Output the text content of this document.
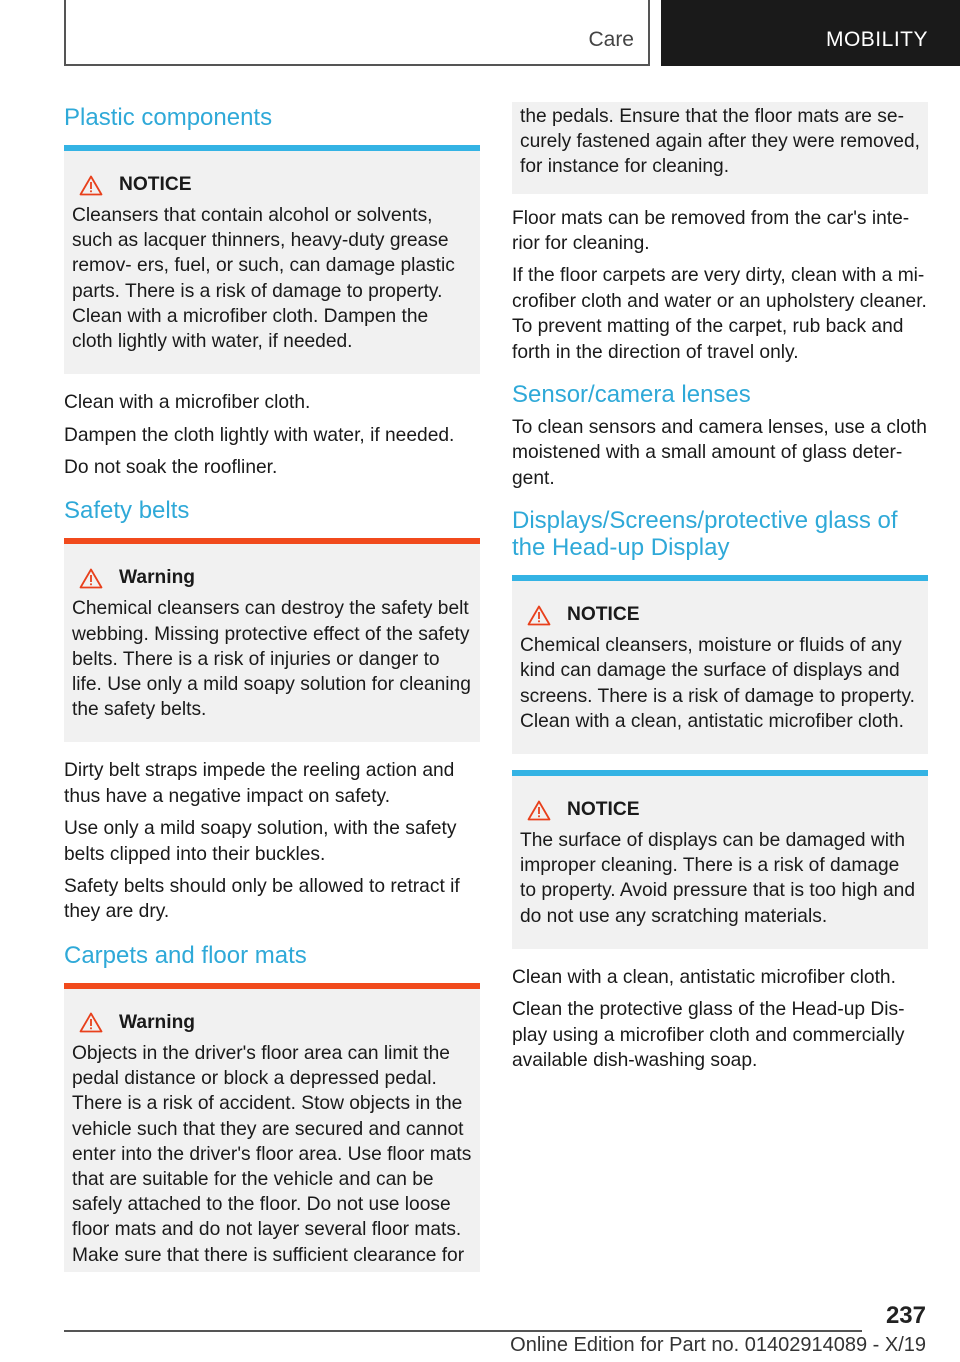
Care	MOBILITY
Plastic components
NOTICE
Cleansers that contain alcohol or solvents, such as lacquer thinners, heavy-duty grease remov- ers, fuel, or such, can damage plastic parts. There is a risk of damage to property. Clean with a microfiber cloth. Dampen the cloth lightly with water, if needed.

Clean with a microfiber cloth.

Dampen the cloth lightly with water, if needed.

Do not soak the roofliner.

Safety belts
Warning
Chemical cleansers can destroy the safety belt webbing. Missing protective effect of the safety belts. There is a risk of injuries or danger to life. Use only a mild soapy solution for cleaning the safety belts.

Dirty belt straps impede the reeling action and thus have a negative impact on safety.

Use only a mild soapy solution, with the safety belts clipped into their buckles.

Safety belts should only be allowed to retract if they are dry.

Carpets and floor mats
Warning
Objects in the driver's floor area can limit the pedal distance or block a depressed pedal. There is a risk of accident. Stow objects in the vehicle such that they are secured and cannot enter into the driver's floor area. Use floor mats that are suitable for the vehicle and can be safely attached to the floor. Do not use loose floor mats and do not layer several floor mats. Make sure that there is sufficient clearance for
the pedals. Ensure that the floor mats are se- curely fastened again after they were removed, for instance for cleaning.

Floor mats can be removed from the car's inte- rior for cleaning.

If the floor carpets are very dirty, clean with a mi- crofiber cloth and water or an upholstery cleaner. To prevent matting of the carpet, rub back and forth in the direction of travel only.

Sensor/camera lenses

To clean sensors and camera lenses, use a cloth moistened with a small amount of glass deter- gent.

Displays/Screens/protective glass of the Head-up Display
NOTICE
Chemical cleansers, moisture or fluids of any kind can damage the surface of displays and screens. There is a risk of damage to property. Clean with a clean, antistatic microfiber cloth.
NOTICE
The surface of displays can be damaged with improper cleaning. There is a risk of damage to property. Avoid pressure that is too high and do not use any scratching materials.

Clean with a clean, antistatic microfiber cloth.

Clean the protective glass of the Head-up Dis- play using a microfiber cloth and commercially available dish-washing soap.

237
Online Edition for Part no. 01402914089 - X/19
